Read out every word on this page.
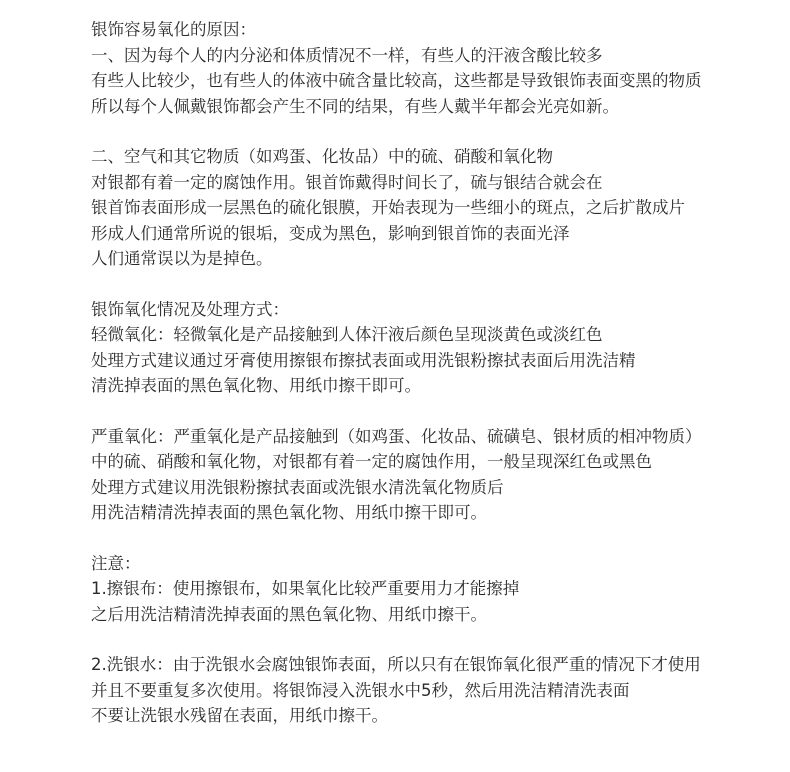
银饰容易氧化的原因：
一、因为每个人的内分泌和体质情况不一样，有些人的汗液含酸比较多
有些人比较少，也有些人的体液中硫含量比较高，这些都是导致银饰表面变黑的物质
所以每个人佩戴银饰都会产生不同的结果，有些人戴半年都会光亮如新。
二、空气和其它物质（如鸡蛋、化妆品）中的硫、硝酸和氧化物
对银都有着一定的腐蚀作用。银首饰戴得时间长了，硫与银结合就会在
银首饰表面形成一层黑色的硫化银膜，开始表现为一些细小的斑点，之后扩散成片
形成人们通常所说的银垢，变成为黑色，影响到银首饰的表面光泽
人们通常误以为是掉色。
银饰氧化情况及处理方式：
轻微氧化：轻微氧化是产品接触到人体汗液后颜色呈现淡黄色或淡红色
处理方式建议通过牙膏使用擦银布擦拭表面或用洗银粉擦拭表面后用洗洁精
清洗掉表面的黑色氧化物、用纸巾擦干即可。
严重氧化：严重氧化是产品接触到（如鸡蛋、化妆品、硫磺皂、银材质的相冲物质）
中的硫、硝酸和氧化物，对银都有着一定的腐蚀作用，一般呈现深红色或黑色
处理方式建议用洗银粉擦拭表面或洗银水清洗氧化物质后
用洗洁精清洗掉表面的黑色氧化物、用纸巾擦干即可。
注意：
1.擦银布：使用擦银布，如果氧化比较严重要用力才能擦掉
之后用洗洁精清洗掉表面的黑色氧化物、用纸巾擦干。
2.洗银水：由于洗银水会腐蚀银饰表面，所以只有在银饰氧化很严重的情况下才使用
并且不要重复多次使用。将银饰浸入洗银水中5秒，然后用洗洁精清洗表面
不要让洗银水残留在表面，用纸巾擦干。
